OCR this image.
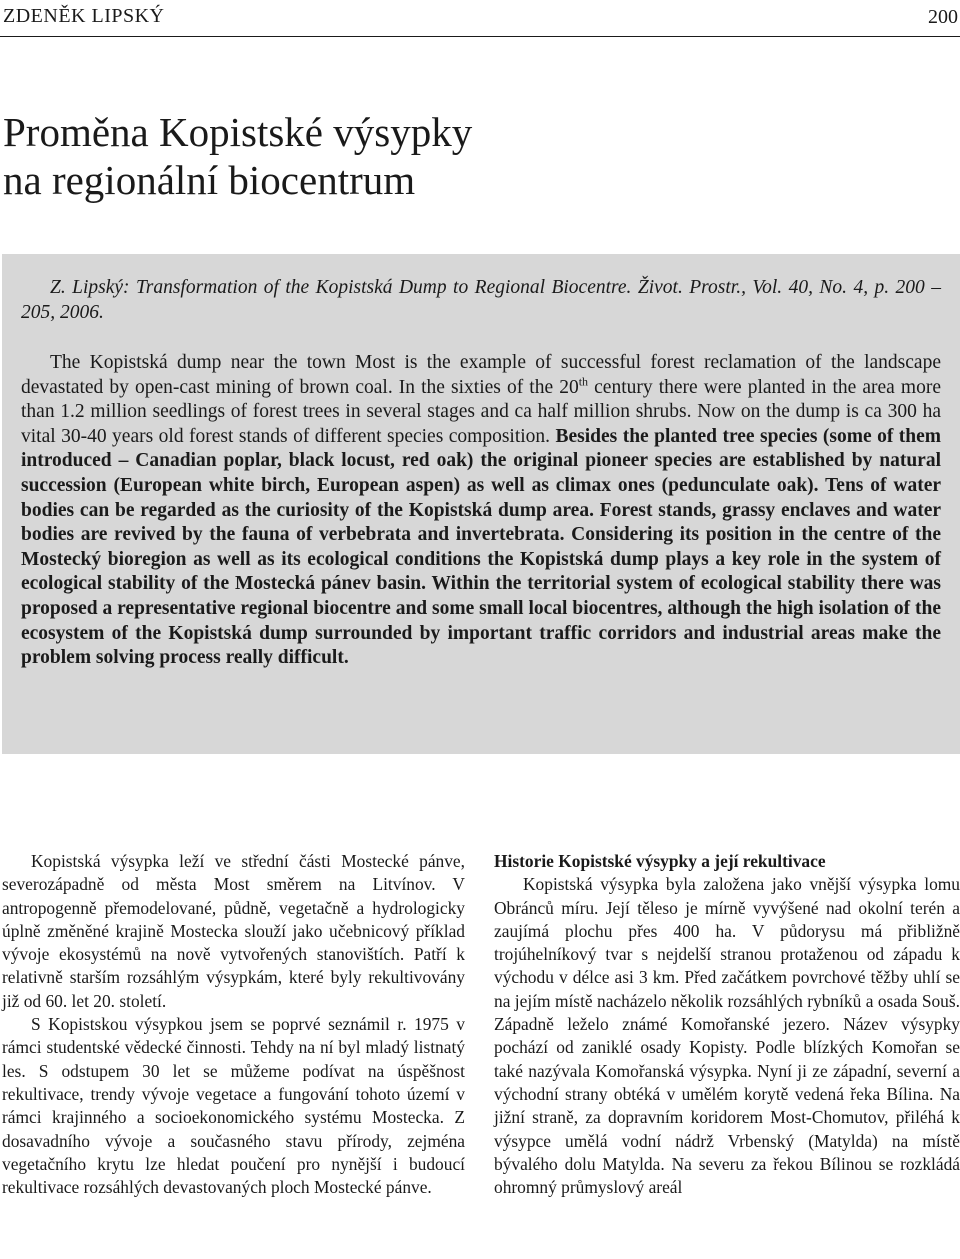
ZDENĚK LIPSKÝ	200
Proměna Kopistské výsypky
na regionální biocentrum

Z. Lipský: Transformation of the Kopistská Dump to Regional Biocentre. Život. Prostr., Vol. 40, No. 4, p. 200 – 205, 2006.

The Kopistská dump near the town Most is the example of successful forest reclamation of the landscape devastated by open-cast mining of brown coal. In the sixties of the 20th century there were planted in the area more than 1.2 million seedlings of forest trees in several stages and ca half million shrubs. Now on the dump is ca 300 ha vital 30-40 years old forest stands of different species composition. Besides the planted tree species (some of them introduced – Canadian poplar, black locust, red oak) the original pioneer species are established by natural succession (European white birch, European aspen) as well as climax ones (pedunculate oak). Tens of water bodies can be regarded as the curiosity of the Kopistská dump area. Forest stands, grassy enclaves and water bodies are revived by the fauna of verbebrata and invertebrata. Considering its position in the centre of the Mostecký bioregion as well as its ecological conditions the Kopistská dump plays a key role in the system of ecological stability of the Mostecká pánev basin. Within the territorial system of ecological stability there was proposed a representative regional biocentre and some small local biocentres, although the high isolation of the ecosystem of the Kopistská dump surrounded by important traffic corridors and industrial areas make the problem solving process really difficult.

Kopistská výsypka leží ve střední části Mostecké pánve, severozápadně od města Most směrem na Litvínov. V antropogenně přemodelované, půdně, vegetačně a hydrologicky úplně změněné krajině Mostecka slouží jako učebnicový příklad vývoje ekosystémů na nově vytvořených stanovištích. Patří k relativně starším rozsáhlým výsypkám, které byly rekultivovány již od 60. let 20. století.

S Kopistskou výsypkou jsem se poprvé seznámil r. 1975 v rámci studentské vědecké činnosti. Tehdy na ní byl mladý listnatý les. S odstupem 30 let se můžeme podívat na úspěšnost rekultivace, trendy vývoje vegetace a fungování tohoto území v rámci krajinného a socioekonomického systému Mostecka. Z dosavadního vývoje a současného stavu přírody, zejména vegetačního krytu lze hledat poučení pro nynější i budoucí rekultivace rozsáhlých devastovaných ploch Mostecké pánve.

Historie Kopistské výsypky a její rekultivace

Kopistská výsypka byla založena jako vnější výsypka lomu Obránců míru. Její těleso je mírně vyvýšené nad okolní terén a zaujímá plochu přes 400 ha. V půdorysu má přibližně trojúhelníkový tvar s nejdelší stranou protaženou od západu k východu v délce asi 3 km. Před začátkem povrchové těžby uhlí se na jejím místě nacházelo několik rozsáhlých rybníků a osada Souš. Západně leželo známé Komořanské jezero. Název výsypky pochází od zaniklé osady Kopisty. Podle blízkých Komořan se také nazývala Komořanská výsypka. Nyní ji ze západní, severní a východní strany obtéká v umělém korytě vedená řeka Bílina. Na jižní straně, za dopravním koridorem Most-Chomutov, přiléhá k výsypce umělá vodní nádrž Vrbenský (Matylda) na místě bývalého dolu Matylda. Na severu za řekou Bílinou se rozkládá ohromný průmyslový areál
